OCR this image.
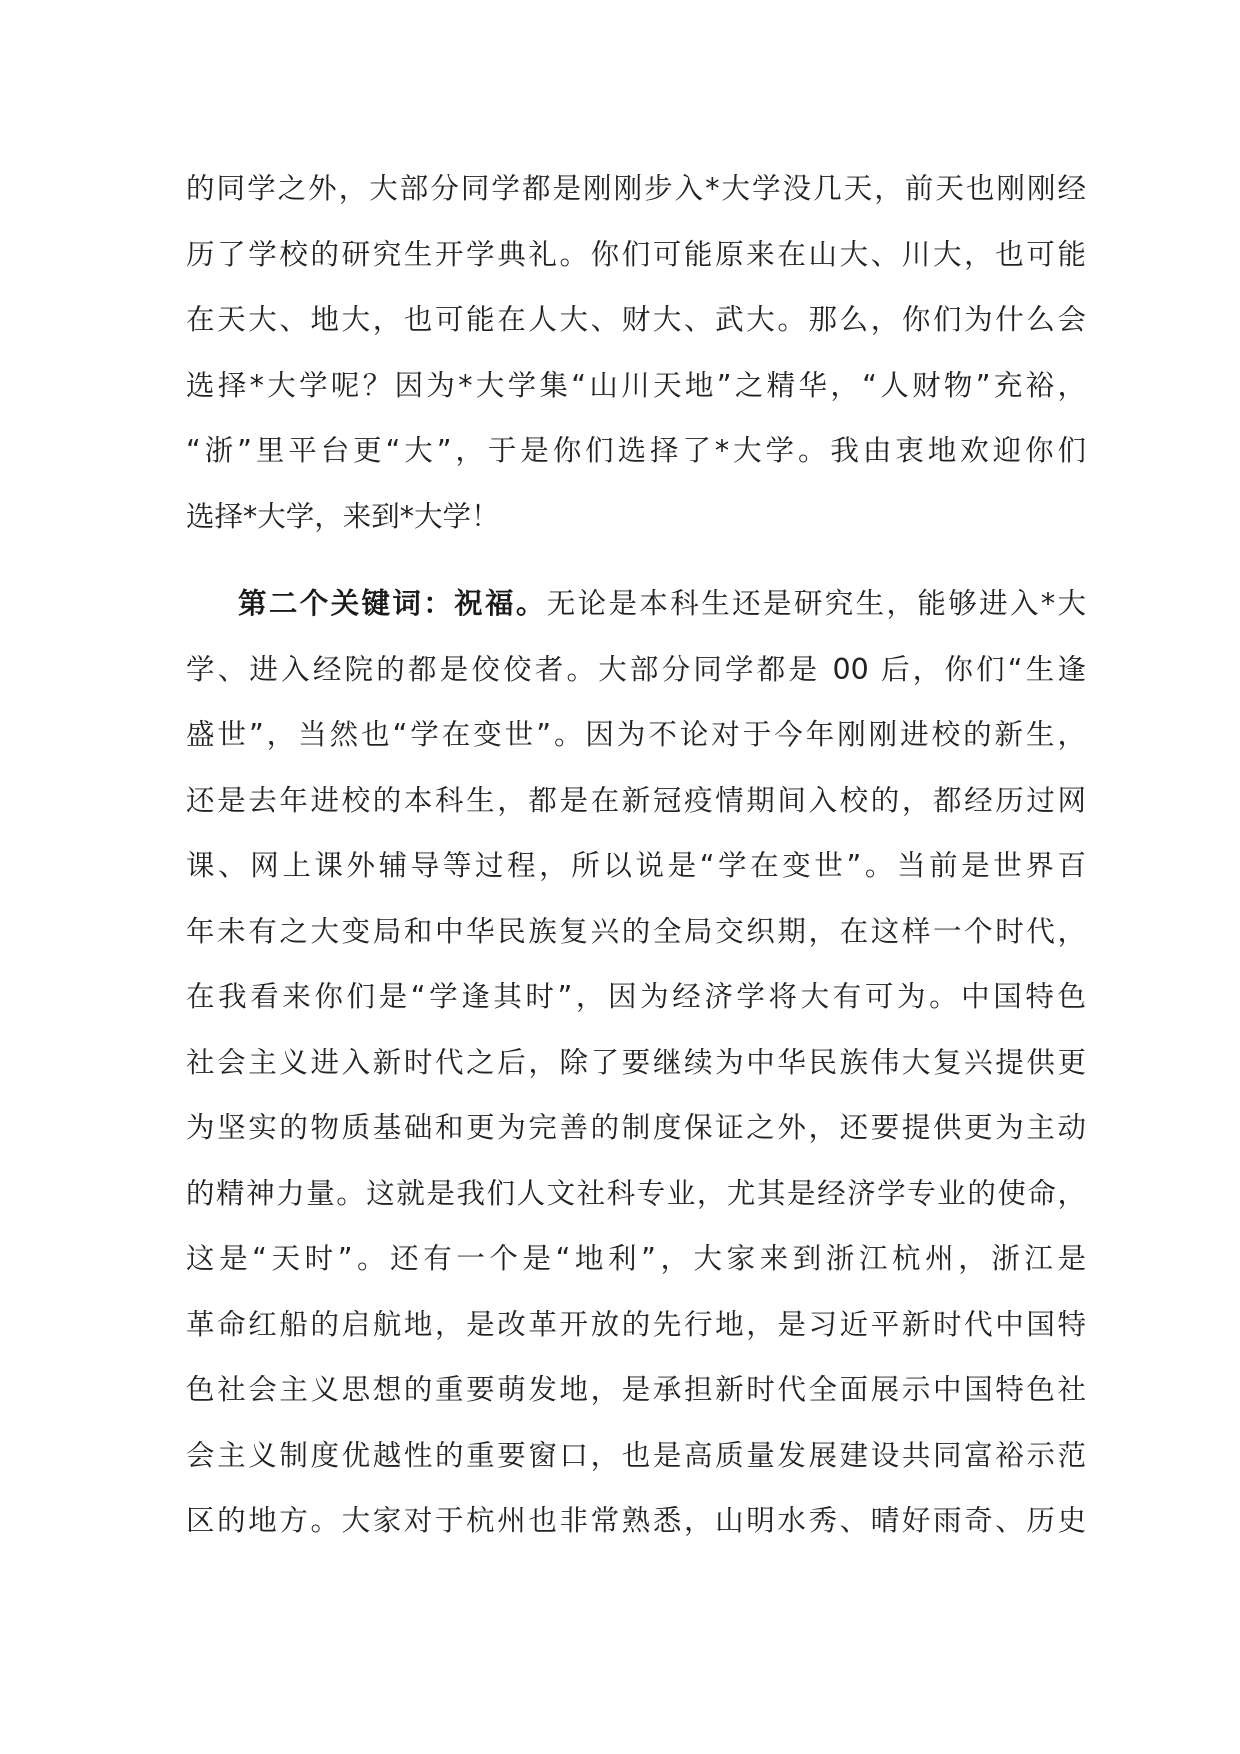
的同学之外，大部分同学都是刚刚步入*大学没几天，前天也刚刚经
历了学校的研究生开学典礼。你们可能原来在山大、川大，也可能
在天大、地大，也可能在人大、财大、武大。那么，你们为什么会
选择*大学呢？因为*大学集“山川天地”之精华，“人财物”充裕，
“浙”里平台更“大”，于是你们选择了*大学。我由衷地欢迎你们
选择*大学，来到*大学！
第二个关键词：祝福。无论是本科生还是研究生，能够进入*大
学、进入经院的都是佼佼者。大部分同学都是 00 后，你们“生逢
盛世”，当然也“学在变世”。因为不论对于今年刚刚进校的新生，
还是去年进校的本科生，都是在新冠疫情期间入校的，都经历过网
课、网上课外辅导等过程，所以说是“学在变世”。当前是世界百
年未有之大变局和中华民族复兴的全局交织期，在这样一个时代，
在我看来你们是“学逢其时”，因为经济学将大有可为。中国特色
社会主义进入新时代之后，除了要继续为中华民族伟大复兴提供更
为坚实的物质基础和更为完善的制度保证之外，还要提供更为主动
的精神力量。这就是我们人文社科专业，尤其是经济学专业的使命，
这是“天时”。还有一个是“地利”，大家来到浙江杭州，浙江是
革命红船的启航地，是改革开放的先行地，是习近平新时代中国特
色社会主义思想的重要萌发地，是承担新时代全面展示中国特色社
会主义制度优越性的重要窗口，也是高质量发展建设共同富裕示范
区的地方。大家对于杭州也非常熟悉，山明水秀、晴好雨奇、历史
